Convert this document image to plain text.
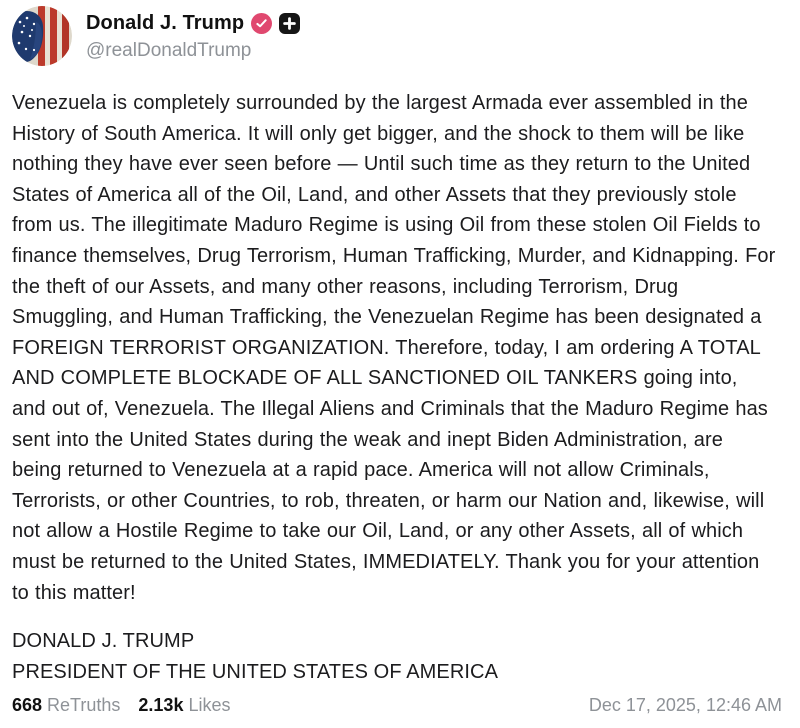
Donald J. Trump
@realDonaldTrump

Venezuela is completely surrounded by the largest Armada ever assembled in the History of South America. It will only get bigger, and the shock to them will be like nothing they have ever seen before — Until such time as they return to the United States of America all of the Oil, Land, and other Assets that they previously stole from us. The illegitimate Maduro Regime is using Oil from these stolen Oil Fields to finance themselves, Drug Terrorism, Human Trafficking, Murder, and Kidnapping. For the theft of our Assets, and many other reasons, including Terrorism, Drug Smuggling, and Human Trafficking, the Venezuelan Regime has been designated a FOREIGN TERRORIST ORGANIZATION. Therefore, today, I am ordering A TOTAL AND COMPLETE BLOCKADE OF ALL SANCTIONED OIL TANKERS going into, and out of, Venezuela. The Illegal Aliens and Criminals that the Maduro Regime has sent into the United States during the weak and inept Biden Administration, are being returned to Venezuela at a rapid pace. America will not allow Criminals, Terrorists, or other Countries, to rob, threaten, or harm our Nation and, likewise, will not allow a Hostile Regime to take our Oil, Land, or any other Assets, all of which must be returned to the United States, IMMEDIATELY. Thank you for your attention to this matter!

DONALD J. TRUMP
PRESIDENT OF THE UNITED STATES OF AMERICA

668 ReTruths 2.13k Likes	Dec 17, 2025, 12:46 AM
